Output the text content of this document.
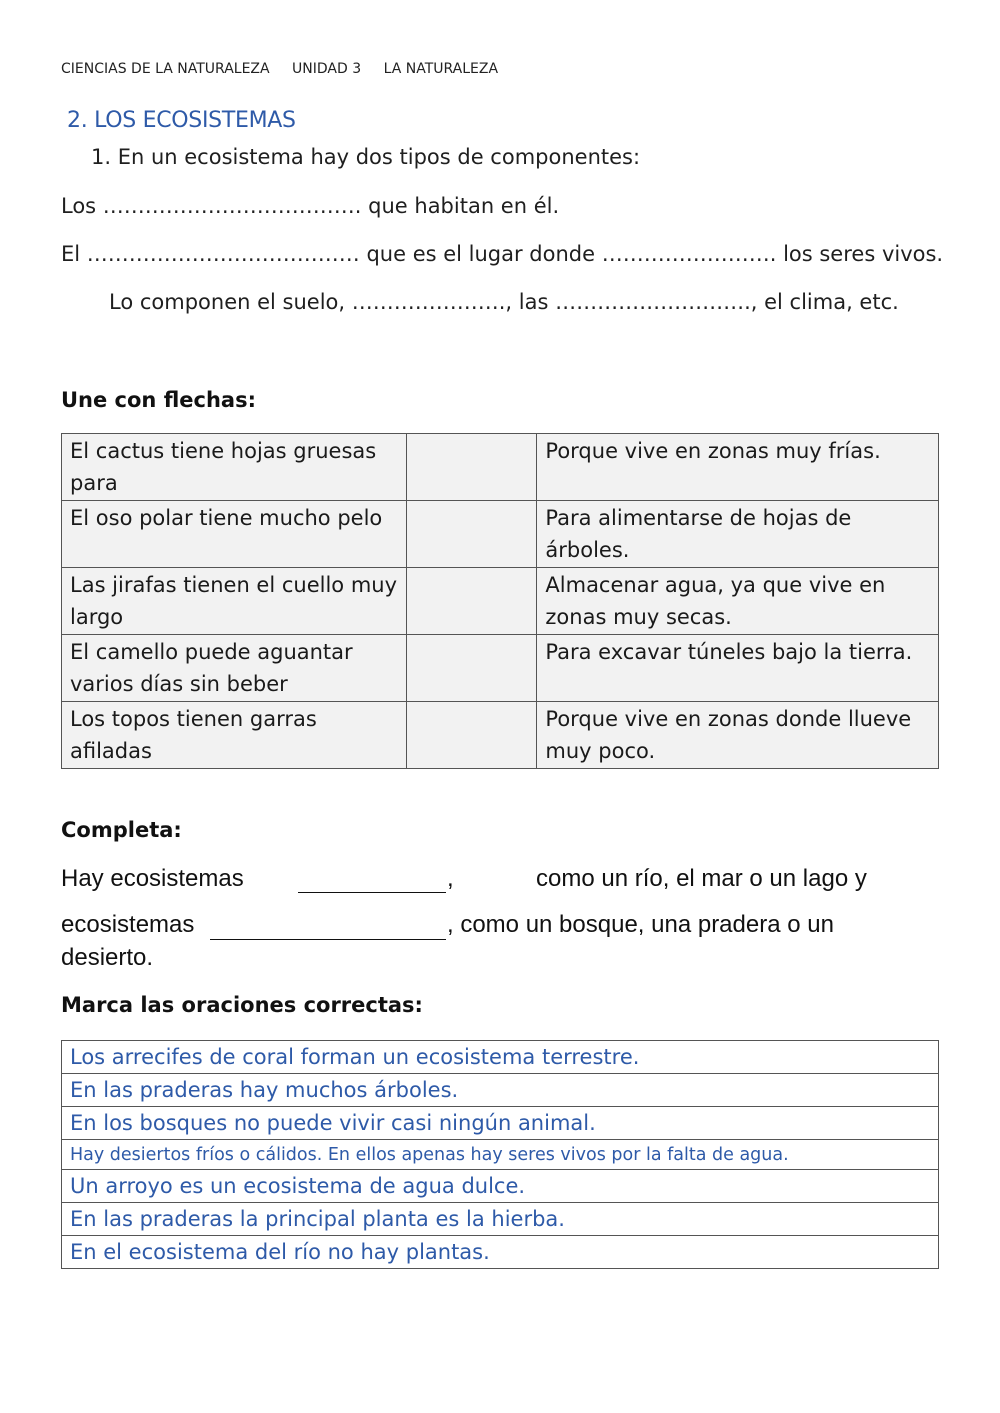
CIENCIAS DE LA NATURALEZA UNIDAD 3 LA NATURALEZA
2. LOS ECOSISTEMAS
1. En un ecosistema hay dos tipos de componentes:
Los ………………………………. que habitan en él.
El ………………………………… que es el lugar donde ……………………. los seres vivos.
Lo componen el suelo, …………………., las ………………………., el clima, etc.
Une con flechas:
El cactus tiene hojas gruesas para		Porque vive en zonas muy frías.
El oso polar tiene mucho pelo		Para alimentarse de hojas de árboles.
Las jirafas tienen el cuello muy largo		Almacenar agua, ya que vive en zonas muy secas.
El camello puede aguantar varios días sin beber		Para excavar túneles bajo la tierra.
Los topos tienen garras afiladas		Porque vive en zonas donde llueve muy poco.
Completa:
Hay ecosistemas	,	como un río, el mar o un lago y
ecosistemas	, como un bosque, una pradera o un
desierto.
Marca las oraciones correctas:
Los arrecifes de coral forman un ecosistema terrestre.
En las praderas hay muchos árboles.
En los bosques no puede vivir casi ningún animal.
Hay desiertos fríos o cálidos. En ellos apenas hay seres vivos por la falta de agua.
Un arroyo es un ecosistema de agua dulce.
En las praderas la principal planta es la hierba.
En el ecosistema del río no hay plantas.
